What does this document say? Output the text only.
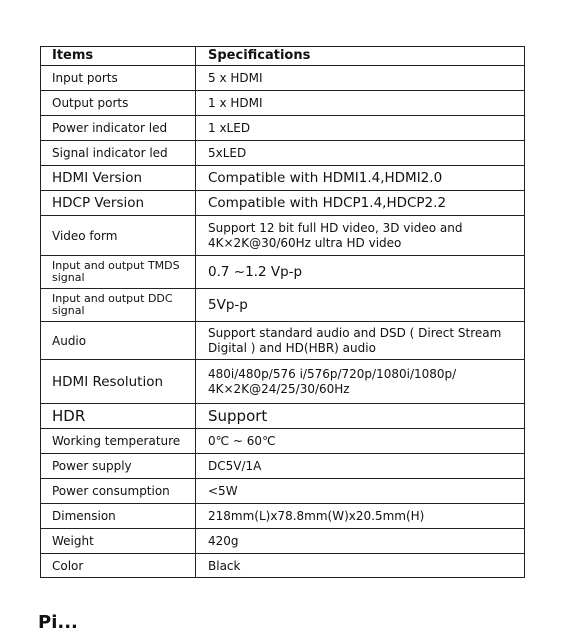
Items	Specifications
Input ports	5 x HDMI
Output ports	1 x HDMI
Power indicator led	1 xLED
Signal indicator led	5xLED
HDMI Version	Compatible with HDMI1.4,HDMI2.0
HDCP Version	Compatible with HDCP1.4,HDCP2.2
Video form	Support 12 bit full HD video, 3D video and 4K×2K@30/60Hz ultra HD video
Input and output TMDS signal	0.7 ~1.2 Vp-p
Input and output DDC signal	5Vp-p
Audio	Support standard audio and DSD ( Direct Stream Digital ) and HD(HBR) audio
HDMI Resolution	480i/480p/576 i/576p/720p/1080i/1080p/ 4K×2K@24/25/30/60Hz
HDR	Support
Working temperature	0℃ ~ 60℃
Power supply	DC5V/1A
Power consumption	<5W
Dimension	218mm(L)x78.8mm(W)x20.5mm(H)
Weight	420g
Color	Black
Pi...
